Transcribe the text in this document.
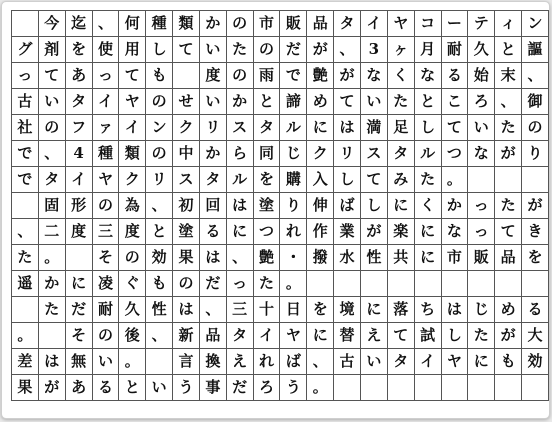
	今	迄	、	何	種	類	か	の	市	販	品	タ	イ	ヤ	コ	ー	テ	ィ	ン
グ	剤	を	使	用	し	て	い	た	の	だ	が	、	3	ヶ	月	耐	久	と	謳
っ	て	あ	っ	て	も		度	の	雨	で	艶	が	な	く	な	る	始	末	、
古	い	タ	イ	ヤ	の	せ	い	か	と	諦	め	て	い	た	と	こ	ろ	、	御
社	の	フ	ァ	イ	ン	ク	リ	ス	タ	ル	に	は	満	足	し	て	い	た	の
で	、	4	種	類	の	中	か	ら	同	じ	ク	リ	ス	タ	ル	つ	な	が	り
で	タ	イ	ヤ	ク	リ	ス	タ	ル	を	購	入	し	て	み	た	。			
	固	形	の	為	、	初	回	は	塗	り	伸	ば	し	に	く	か	っ	た	が
、	二	度	三	度	と	塗	る	に	つ	れ	作	業	が	楽	に	な	っ	て	き
た	。		そ	の	効	果	は	、	艶	・	撥	水	性	共	に	市	販	品	を
遥	か	に	凌	ぐ	も	の	だ	っ	た	。									
	た	だ	耐	久	性	は	、	三	十	日	を	境	に	落	ち	は	じ	め	る
。		そ	の	後	、	新	品	タ	イ	ヤ	に	替	え	て	試	し	た	が	大
差	は	無	い	。		言	換	え	れ	ば	、	古	い	タ	イ	ヤ	に	も	効
果	が	あ	る	と	い	う	事	だ	ろ	う	。								
